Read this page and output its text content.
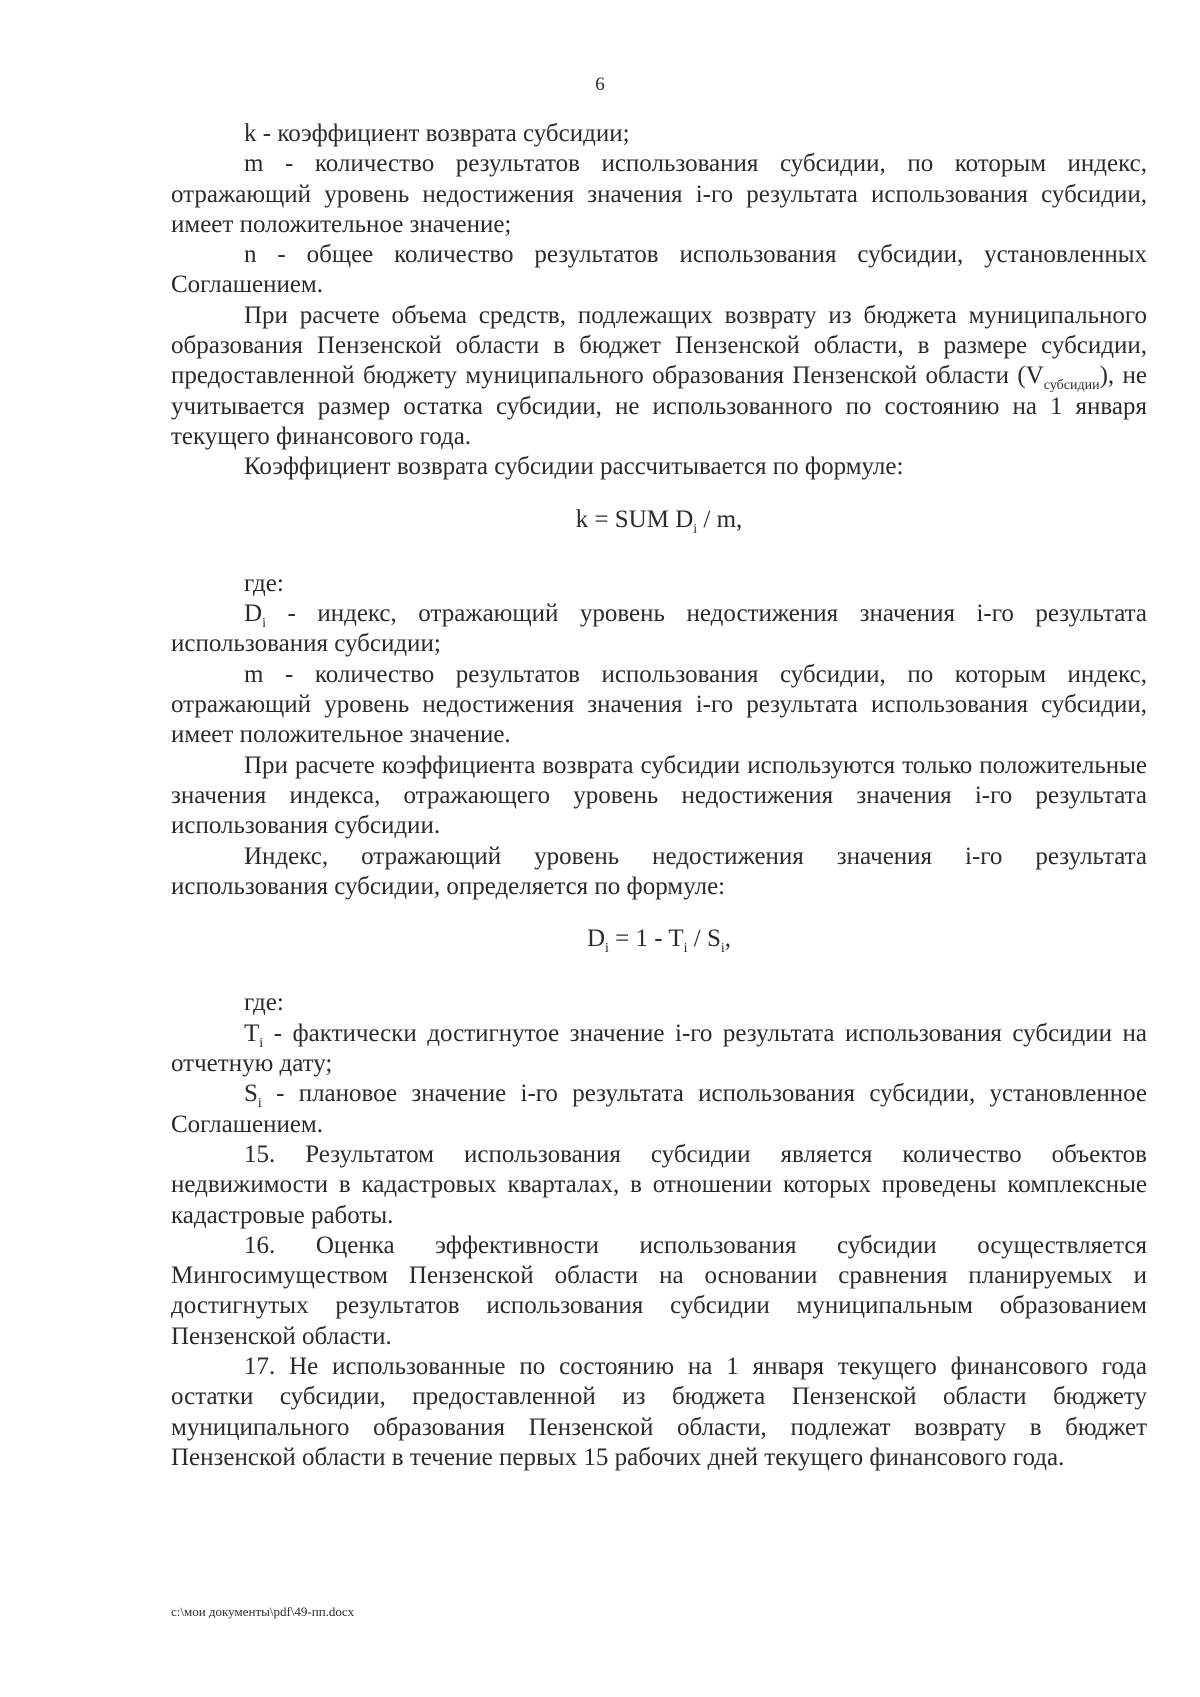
6

k - коэффициент возврата субсидии;

m - количество результатов использования субсидии, по которым индекс, отражающий уровень недостижения значения i-го результата использования субсидии, имеет положительное значение;

n - общее количество результатов использования субсидии, установленных Соглашением.

При расчете объема средств, подлежащих возврату из бюджета муниципального образования Пензенской области в бюджет Пензенской области, в размере субсидии, предоставленной бюджету муниципального образования Пензенской области $(V_{субсидии})$, не учитывается размер остатка субсидии, не использованного по состоянию на 1 января текущего финансового года.

Коэффициент возврата субсидии рассчитывается по формуле:

k = SUM $D_i$ / m,

где:

$D_i$ - индекс, отражающий уровень недостижения значения i-го результата использования субсидии;

m - количество результатов использования субсидии, по которым индекс, отражающий уровень недостижения значения i-го результата использования субсидии, имеет положительное значение.

При расчете коэффициента возврата субсидии используются только положительные значения индекса, отражающего уровень недостижения значения i-го результата использования субсидии.

Индекс, отражающий уровень недостижения значения i-го результата использования субсидии, определяется по формуле:

$D_i = 1 - T_i / S_i$,

где:

$T_i$ - фактически достигнутое значение i-го результата использования субсидии на отчетную дату;

$S_i$ - плановое значение i-го результата использования субсидии, установленное Соглашением.

15. Результатом использования субсидии является количество объектов недвижимости в кадастровых кварталах, в отношении которых проведены комплексные кадастровые работы.

16. Оценка эффективности использования субсидии осуществляется Мингосимуществом Пензенской области на основании сравнения планируемых и достигнутых результатов использования субсидии муниципальным образованием Пензенской области.

17. Не использованные по состоянию на 1 января текущего финансового года остатки субсидии, предоставленной из бюджета Пензенской области бюджету муниципального образования Пензенской области, подлежат возврату в бюджет Пензенской области в течение первых 15 рабочих дней текущего финансового года.

c:\мои документы\pdf\49-пп.docx
